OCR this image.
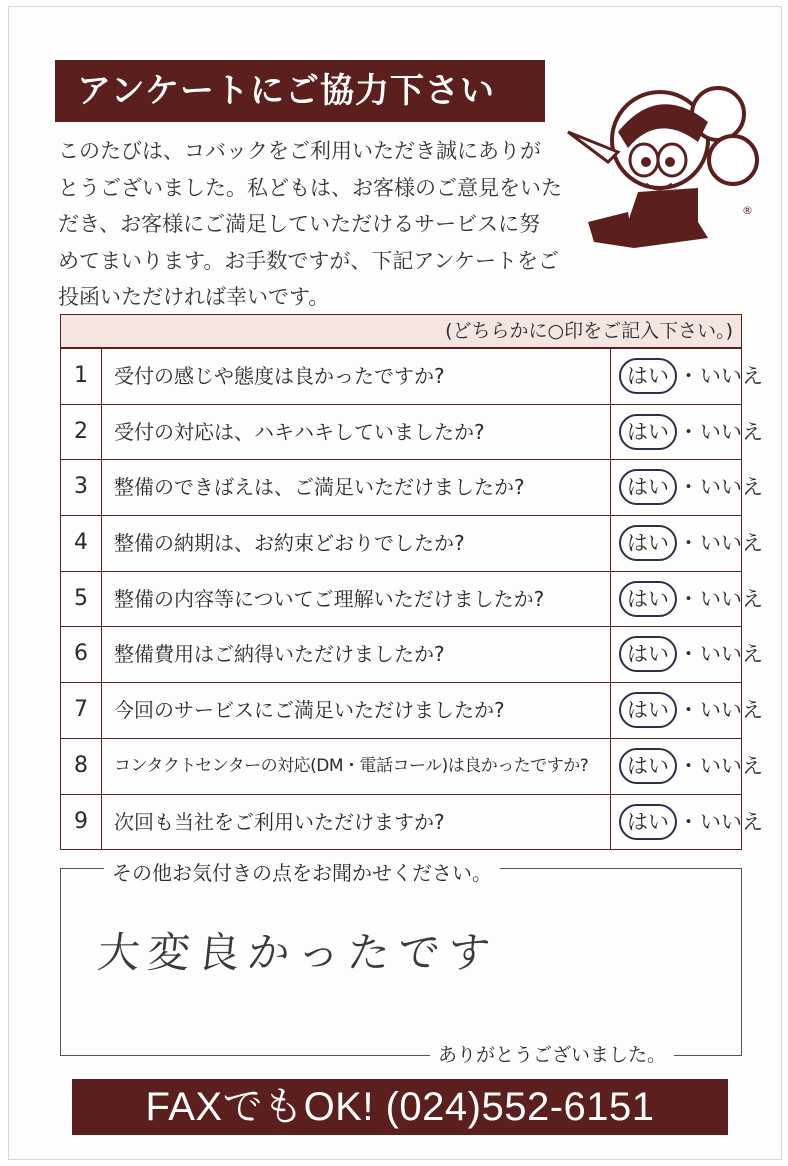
アンケートにご協力下さい
このたびは、コバックをご利用いただき誠にありが
とうございました。私どもは、お客様のご意見をいた
だき、お客様にご満足していただけるサービスに努
めてまいります。お手数ですが、下記アンケートをご
投函いただければ幸いです。
®
(どちらかに○印をご記入下さい。)
1	受付の感じや態度は良かったですか?	はい ・いいえ
2	受付の対応は、ハキハキしていましたか?	はい ・いいえ
3	整備のできばえは、ご満足いただけましたか?	はい ・いいえ
4	整備の納期は、お約束どおりでしたか?	はい ・いいえ
5	整備の内容等についてご理解いただけましたか?	はい ・いいえ
6	整備費用はご納得いただけましたか?	はい ・いいえ
7	今回のサービスにご満足いただけましたか?	はい ・いいえ
8	コンタクトセンターの対応(DM・電話コール)は良かったですか?	はい ・いいえ
9	次回も当社をご利用いただけますか?	はい ・いいえ
その他お気付きの点をお聞かせください。
大変良かったです
ありがとうございました。
FAXでもOK! (024)552-6151
